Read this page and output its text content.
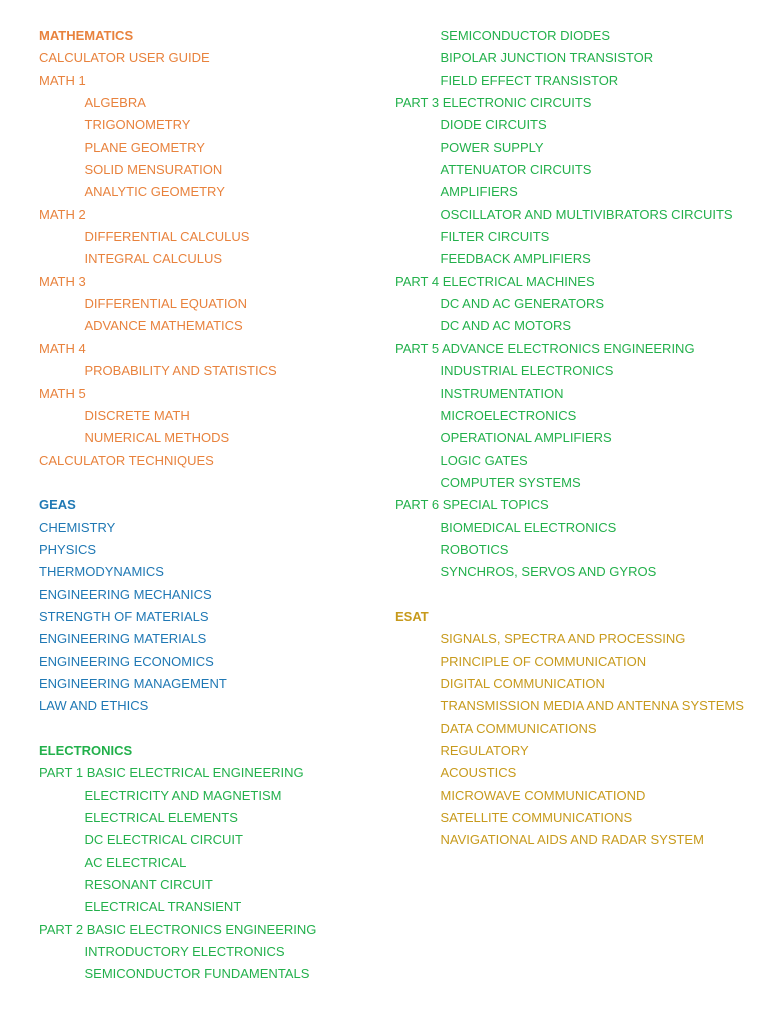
MATHEMATICS
CALCULATOR USER GUIDE
MATH 1
ALGEBRA
TRIGONOMETRY
PLANE GEOMETRY
SOLID MENSURATION
ANALYTIC GEOMETRY
MATH 2
DIFFERENTIAL CALCULUS
INTEGRAL CALCULUS
MATH 3
DIFFERENTIAL EQUATION
ADVANCE MATHEMATICS
MATH 4
PROBABILITY AND STATISTICS
MATH 5
DISCRETE MATH
NUMERICAL METHODS
CALCULATOR TECHNIQUES
GEAS
CHEMISTRY
PHYSICS
THERMODYNAMICS
ENGINEERING MECHANICS
STRENGTH OF MATERIALS
ENGINEERING MATERIALS
ENGINEERING ECONOMICS
ENGINEERING MANAGEMENT
LAW AND ETHICS
ELECTRONICS
PART 1 BASIC ELECTRICAL ENGINEERING
ELECTRICITY AND MAGNETISM
ELECTRICAL ELEMENTS
DC ELECTRICAL CIRCUIT
AC ELECTRICAL
RESONANT CIRCUIT
ELECTRICAL TRANSIENT
PART 2 BASIC ELECTRONICS ENGINEERING
INTRODUCTORY ELECTRONICS
SEMICONDUCTOR FUNDAMENTALS
SEMICONDUCTOR DIODES
BIPOLAR JUNCTION TRANSISTOR
FIELD EFFECT TRANSISTOR
PART 3 ELECTRONIC CIRCUITS
DIODE CIRCUITS
POWER SUPPLY
ATTENUATOR CIRCUITS
AMPLIFIERS
OSCILLATOR AND MULTIVIBRATORS CIRCUITS
FILTER CIRCUITS
FEEDBACK AMPLIFIERS
PART 4 ELECTRICAL MACHINES
DC AND AC GENERATORS
DC AND AC MOTORS
PART 5 ADVANCE ELECTRONICS ENGINEERING
INDUSTRIAL ELECTRONICS
INSTRUMENTATION
MICROELECTRONICS
OPERATIONAL AMPLIFIERS
LOGIC GATES
COMPUTER SYSTEMS
PART 6 SPECIAL TOPICS
BIOMEDICAL ELECTRONICS
ROBOTICS
SYNCHROS, SERVOS AND GYROS
ESAT
SIGNALS, SPECTRA AND PROCESSING
PRINCIPLE OF COMMUNICATION
DIGITAL COMMUNICATION
TRANSMISSION MEDIA AND ANTENNA SYSTEMS
DATA COMMUNICATIONS
REGULATORY
ACOUSTICS
MICROWAVE COMMUNICATIOND
SATELLITE COMMUNICATIONS
NAVIGATIONAL AIDS AND RADAR SYSTEM
